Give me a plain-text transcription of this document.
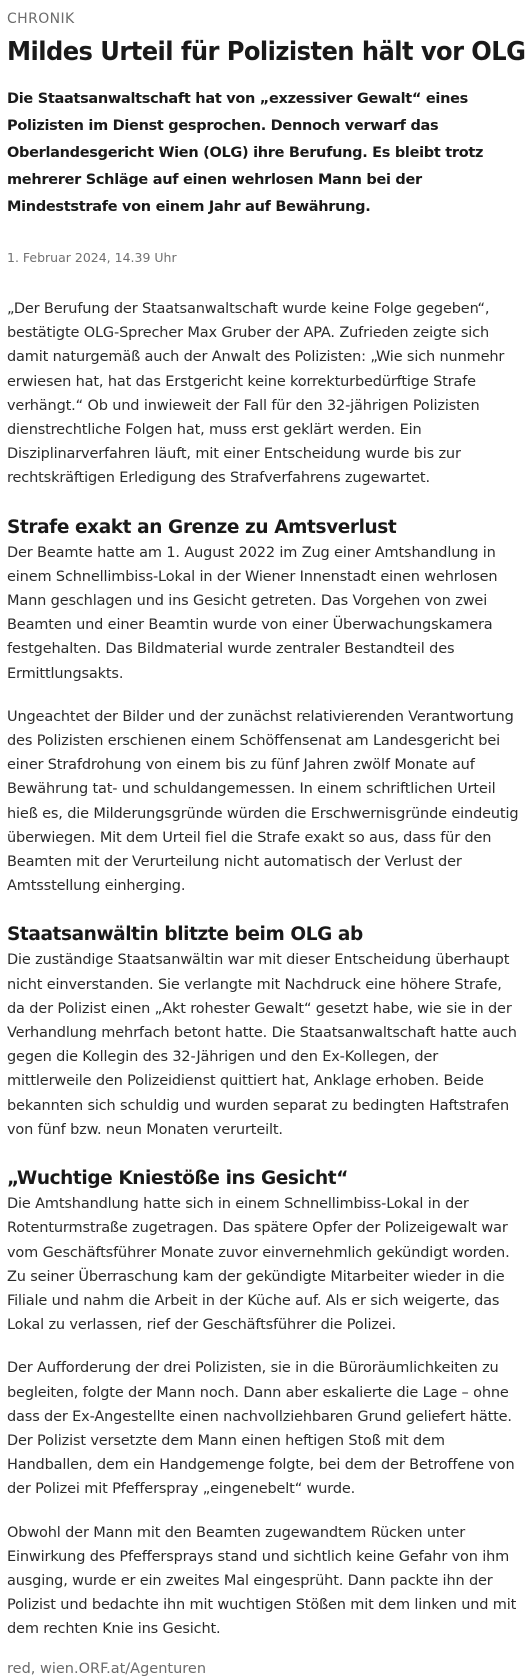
CHRONIK
Mildes Urteil für Polizisten hält vor OLG

Die Staatsanwaltschaft hat von „exzessiver Gewalt“ eines Polizisten im Dienst gesprochen. Dennoch verwarf das Oberlandesgericht Wien (OLG) ihre Berufung. Es bleibt trotz mehrerer Schläge auf einen wehrlosen Mann bei der Mindeststrafe von einem Jahr auf Bewährung.

1. Februar 2024, 14.39 Uhr

„Der Berufung der Staatsanwaltschaft wurde keine Folge gegeben“, bestätigte OLG-Sprecher Max Gruber der APA. Zufrieden zeigte sich damit naturgemäß auch der Anwalt des Polizisten: „Wie sich nunmehr erwiesen hat, hat das Erstgericht keine korrekturbedürftige Strafe verhängt.“ Ob und inwieweit der Fall für den 32-jährigen Polizisten dienstrechtliche Folgen hat, muss erst geklärt werden. Ein Disziplinarverfahren läuft, mit einer Entscheidung wurde bis zur rechtskräftigen Erledigung des Strafverfahrens zugewartet.

Strafe exakt an Grenze zu Amtsverlust

Der Beamte hatte am 1. August 2022 im Zug einer Amtshandlung in einem Schnellimbiss-Lokal in der Wiener Innenstadt einen wehrlosen Mann geschlagen und ins Gesicht getreten. Das Vorgehen von zwei Beamten und einer Beamtin wurde von einer Überwachungskamera festgehalten. Das Bildmaterial wurde zentraler Bestandteil des Ermittlungsakts.

Ungeachtet der Bilder und der zunächst relativierenden Verantwortung des Polizisten erschienen einem Schöffensenat am Landesgericht bei einer Strafdrohung von einem bis zu fünf Jahren zwölf Monate auf Bewährung tat- und schuldangemessen. In einem schriftlichen Urteil hieß es, die Milderungsgründe würden die Erschwernisgründe eindeutig überwiegen. Mit dem Urteil fiel die Strafe exakt so aus, dass für den Beamten mit der Verurteilung nicht automatisch der Verlust der Amtsstellung einherging.

Staatsanwältin blitzte beim OLG ab

Die zuständige Staatsanwältin war mit dieser Entscheidung überhaupt nicht einverstanden. Sie verlangte mit Nachdruck eine höhere Strafe, da der Polizist einen „Akt rohester Gewalt“ gesetzt habe, wie sie in der Verhandlung mehrfach betont hatte. Die Staatsanwaltschaft hatte auch gegen die Kollegin des 32-Jährigen und den Ex-Kollegen, der mittlerweile den Polizeidienst quittiert hat, Anklage erhoben. Beide bekannten sich schuldig und wurden separat zu bedingten Haftstrafen von fünf bzw. neun Monaten verurteilt.

„Wuchtige Kniestöße ins Gesicht“

Die Amtshandlung hatte sich in einem Schnellimbiss-Lokal in der Rotenturmstraße zugetragen. Das spätere Opfer der Polizeigewalt war vom Geschäftsführer Monate zuvor einvernehmlich gekündigt worden. Zu seiner Überraschung kam der gekündigte Mitarbeiter wieder in die Filiale und nahm die Arbeit in der Küche auf. Als er sich weigerte, das Lokal zu verlassen, rief der Geschäftsführer die Polizei.

Der Aufforderung der drei Polizisten, sie in die Büroräumlichkeiten zu begleiten, folgte der Mann noch. Dann aber eskalierte die Lage – ohne dass der Ex-Angestellte einen nachvollziehbaren Grund geliefert hätte. Der Polizist versetzte dem Mann einen heftigen Stoß mit dem Handballen, dem ein Handgemenge folgte, bei dem der Betroffene von der Polizei mit Pfefferspray „eingenebelt“ wurde.

Obwohl der Mann mit den Beamten zugewandtem Rücken unter Einwirkung des Pfeffersprays stand und sichtlich keine Gefahr von ihm ausging, wurde er ein zweites Mal eingesprüht. Dann packte ihn der Polizist und bedachte ihn mit wuchtigen Stößen mit dem linken und mit dem rechten Knie ins Gesicht.

red, wien.ORF.at/Agenturen
